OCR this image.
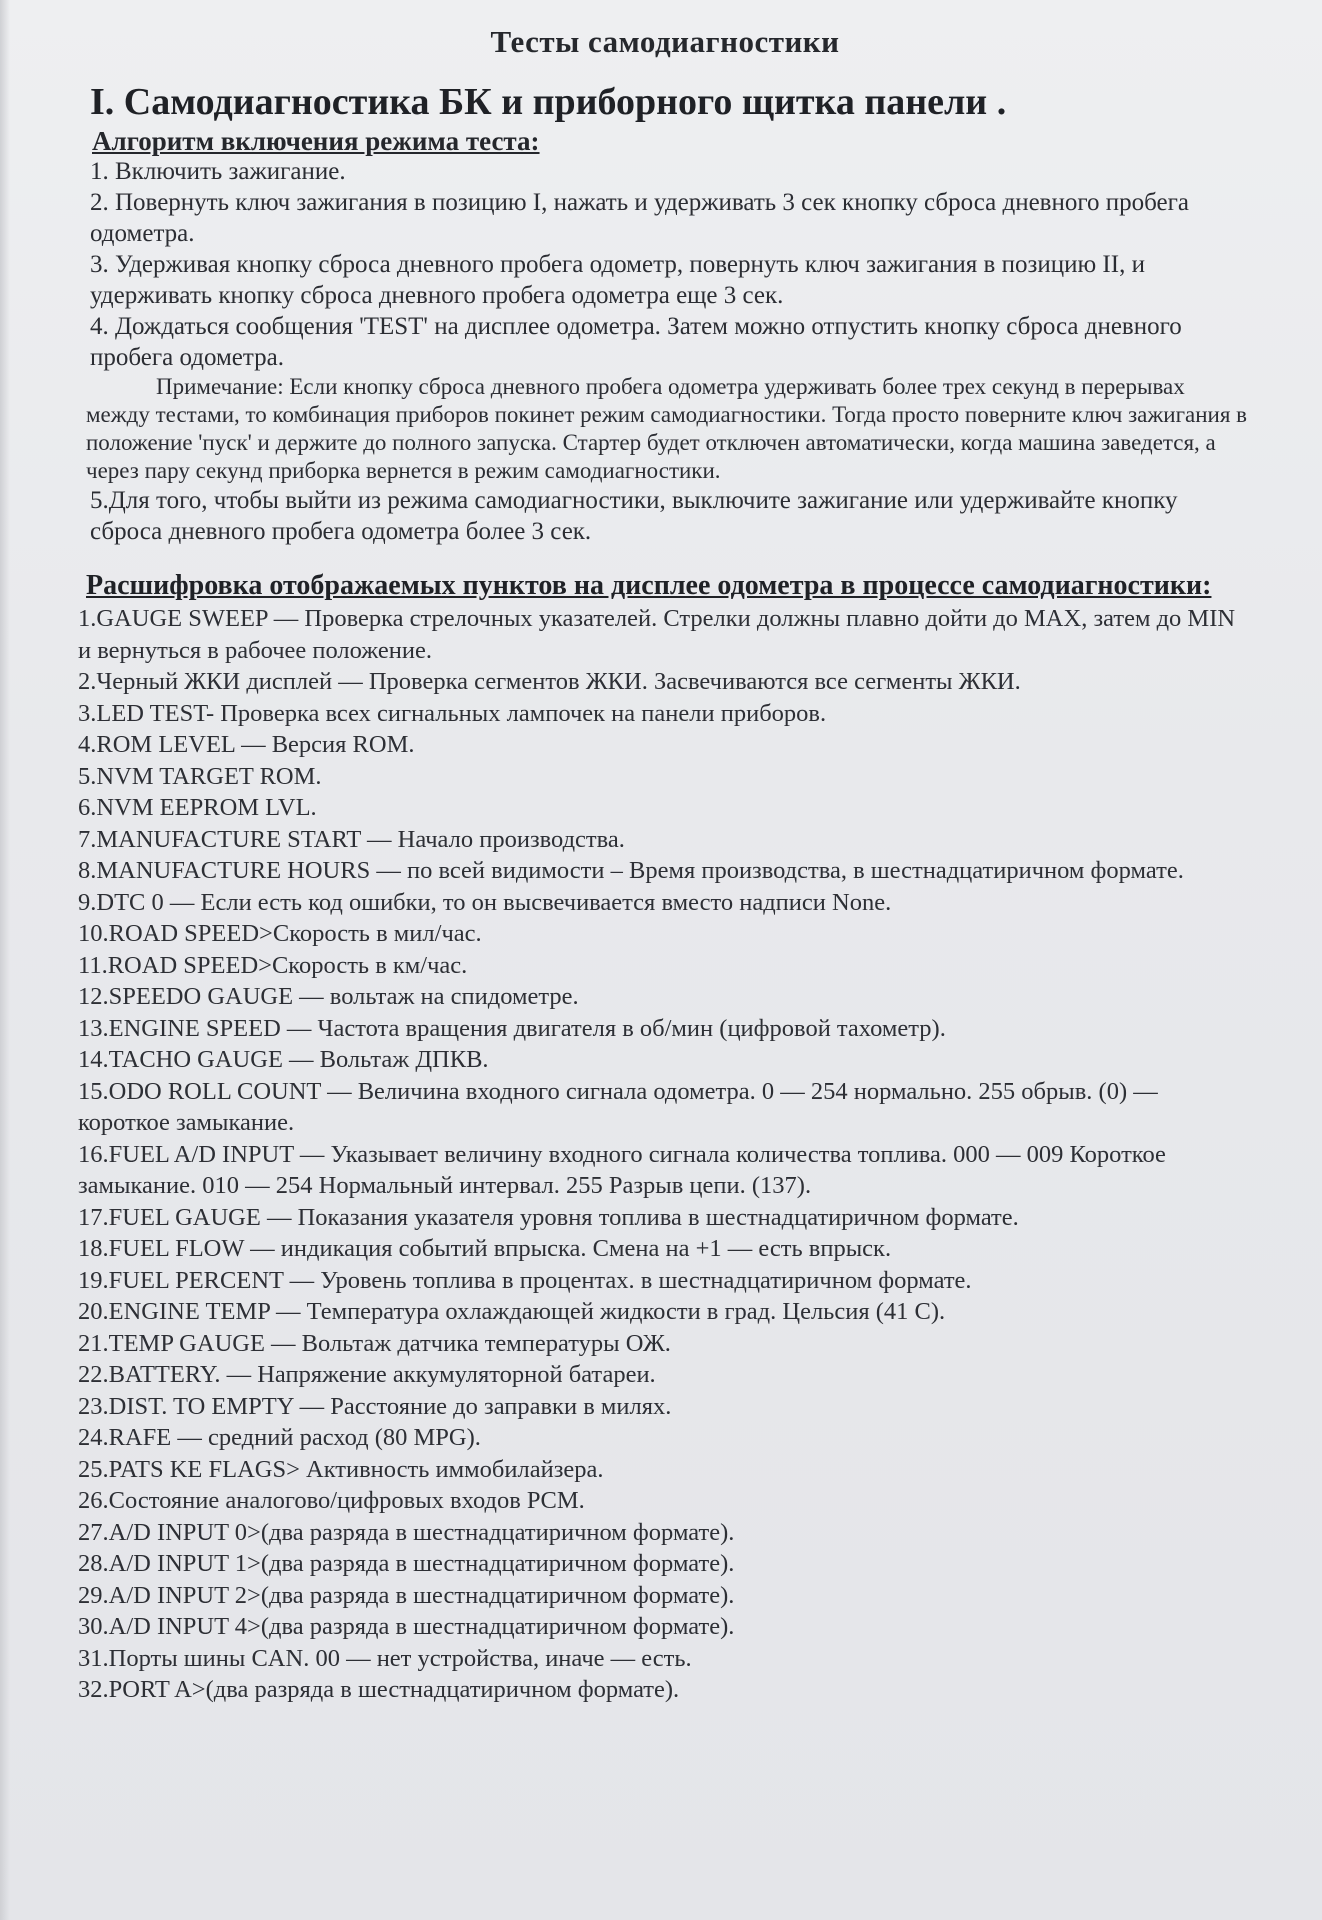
Тесты самодиагностики
I. Самодиагностика БК и приборного щитка панели .
Алгоритм включения режима теста:

1. Включить зажигание.

2. Повернуть ключ зажигания в позицию I, нажать и удерживать 3 сек кнопку сброса дневного пробега одометра.

3. Удерживая кнопку сброса дневного пробега одометр, повернуть ключ зажигания в позицию II, и удерживать кнопку сброса дневного пробега одометра еще 3 сек.

4. Дождаться сообщения 'TEST' на дисплее одометра. Затем можно отпустить кнопку сброса дневного пробега одометра.

Примечание: Если кнопку сброса дневного пробега одометра удерживать более трех секунд в перерывах между тестами, то комбинация приборов покинет режим самодиагностики. Тогда просто поверните ключ зажигания в положение 'пуск' и держите до полного запуска. Стартер будет отключен автоматически, когда машина заведется, а через пару секунд приборка вернется в режим самодиагностики.

5.Для того, чтобы выйти из режима самодиагностики, выключите зажигание или удерживайте кнопку сброса дневного пробега одометра более 3 сек.

Расшифровка отображаемых пунктов на дисплее одометра в процессе самодиагностики:
1.GAUGE SWEEP — Проверка стрелочных указателей. Стрелки должны плавно дойти до MAX, затем до MIN и вернуться в рабочее положение.
2.Черный ЖКИ дисплей — Проверка сегментов ЖКИ. Засвечиваются все сегменты ЖКИ.
3.LED TEST- Проверка всех сигнальных лампочек на панели приборов.
4.ROM LEVEL — Версия ROM.
5.NVM TARGET ROM.
6.NVM EEPROM LVL.
7.MANUFACTURE START — Начало производства.
8.MANUFACTURE HOURS — по всей видимости – Время производства, в шестнадцатиричном формате.
9.DTC 0 — Если есть код ошибки, то он высвечивается вместо надписи None.
10.ROAD SPEED>Скорость в мил/час.
11.ROAD SPEED>Скорость в км/час.
12.SPEEDO GAUGE — вольтаж на спидометре.
13.ENGINE SPEED — Частота вращения двигателя в об/мин (цифровой тахометр).
14.TACHO GAUGE — Вольтаж ДПКВ.
15.ODO ROLL COUNT — Величина входного сигнала одометра. 0 — 254 нормально. 255 обрыв. (0) — короткое замыкание.
16.FUEL A/D INPUT — Указывает величину входного сигнала количества топлива. 000 — 009 Короткое замыкание. 010 — 254 Нормальный интервал. 255 Разрыв цепи. (137).
17.FUEL GAUGE — Показания указателя уровня топлива в шестнадцатиричном формате.
18.FUEL FLOW — индикация событий впрыска. Смена на +1 — есть впрыск.
19.FUEL PERCENT — Уровень топлива в процентах. в шестнадцатиричном формате.
20.ENGINE TEMP — Температура охлаждающей жидкости в град. Цельсия (41 С).
21.TEMP GAUGE — Вольтаж датчика температуры ОЖ.
22.BATTERY. — Напряжение аккумуляторной батареи.
23.DIST. TO EMPTY — Расстояние до заправки в милях.
24.RAFE — средний расход (80 MPG).
25.PATS KE FLAGS> Активность иммобилайзера.
26.Состояние аналогово/цифровых входов PCM.
27.A/D INPUT 0>(два разряда в шестнадцатиричном формате).
28.A/D INPUT 1>(два разряда в шестнадцатиричном формате).
29.A/D INPUT 2>(два разряда в шестнадцатиричном формате).
30.A/D INPUT 4>(два разряда в шестнадцатиричном формате).
31.Порты шины CAN. 00 — нет устройства, иначе — есть.
32.PORT A>(два разряда в шестнадцатиричном формате).
